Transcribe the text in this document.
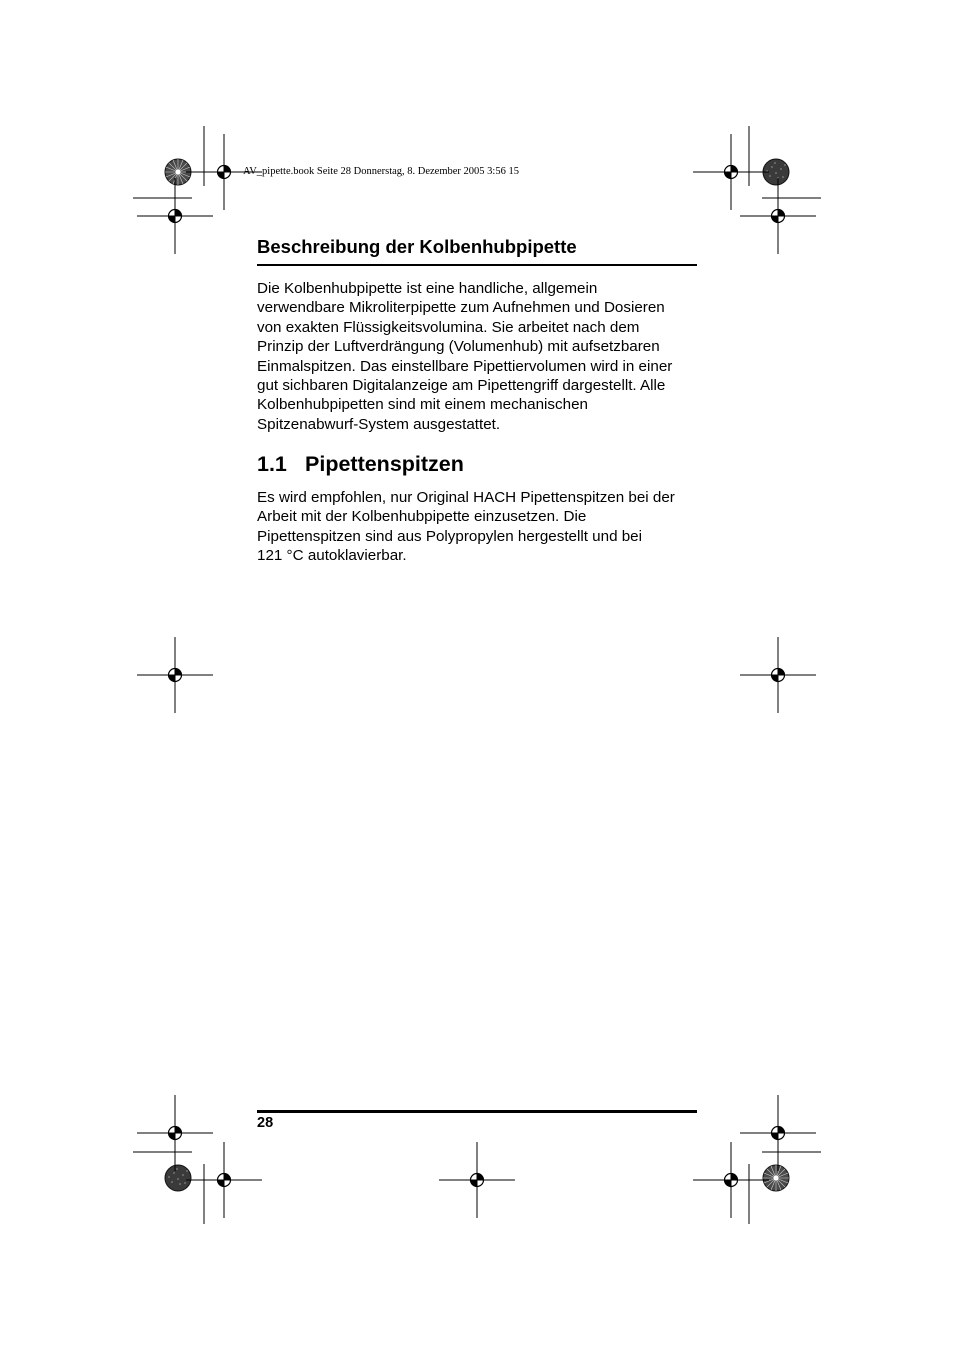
AV_pipette.book Seite 28 Donnerstag, 8. Dezember 2005 3:56 15
Beschreibung der Kolbenhubpipette
Die Kolbenhubpipette ist eine handliche, allgemein
verwendbare Mikroliterpipette zum Aufnehmen und Dosieren
von exakten Flüssigkeitsvolumina. Sie arbeitet nach dem
Prinzip der Luftverdrängung (Volumenhub) mit aufsetzbaren
Einmalspitzen. Das einstellbare Pipettiervolumen wird in einer
gut sichbaren Digitalanzeige am Pipettengriff dargestellt. Alle
Kolbenhubpipetten sind mit einem mechanischen
Spitzenabwurf-System ausgestattet.
1.1 Pipettenspitzen
Es wird empfohlen, nur Original HACH Pipettenspitzen bei der
Arbeit mit der Kolbenhubpipette einzusetzen. Die
Pipettenspitzen sind aus Polypropylen hergestellt und bei
121 °C autoklavierbar.
28
